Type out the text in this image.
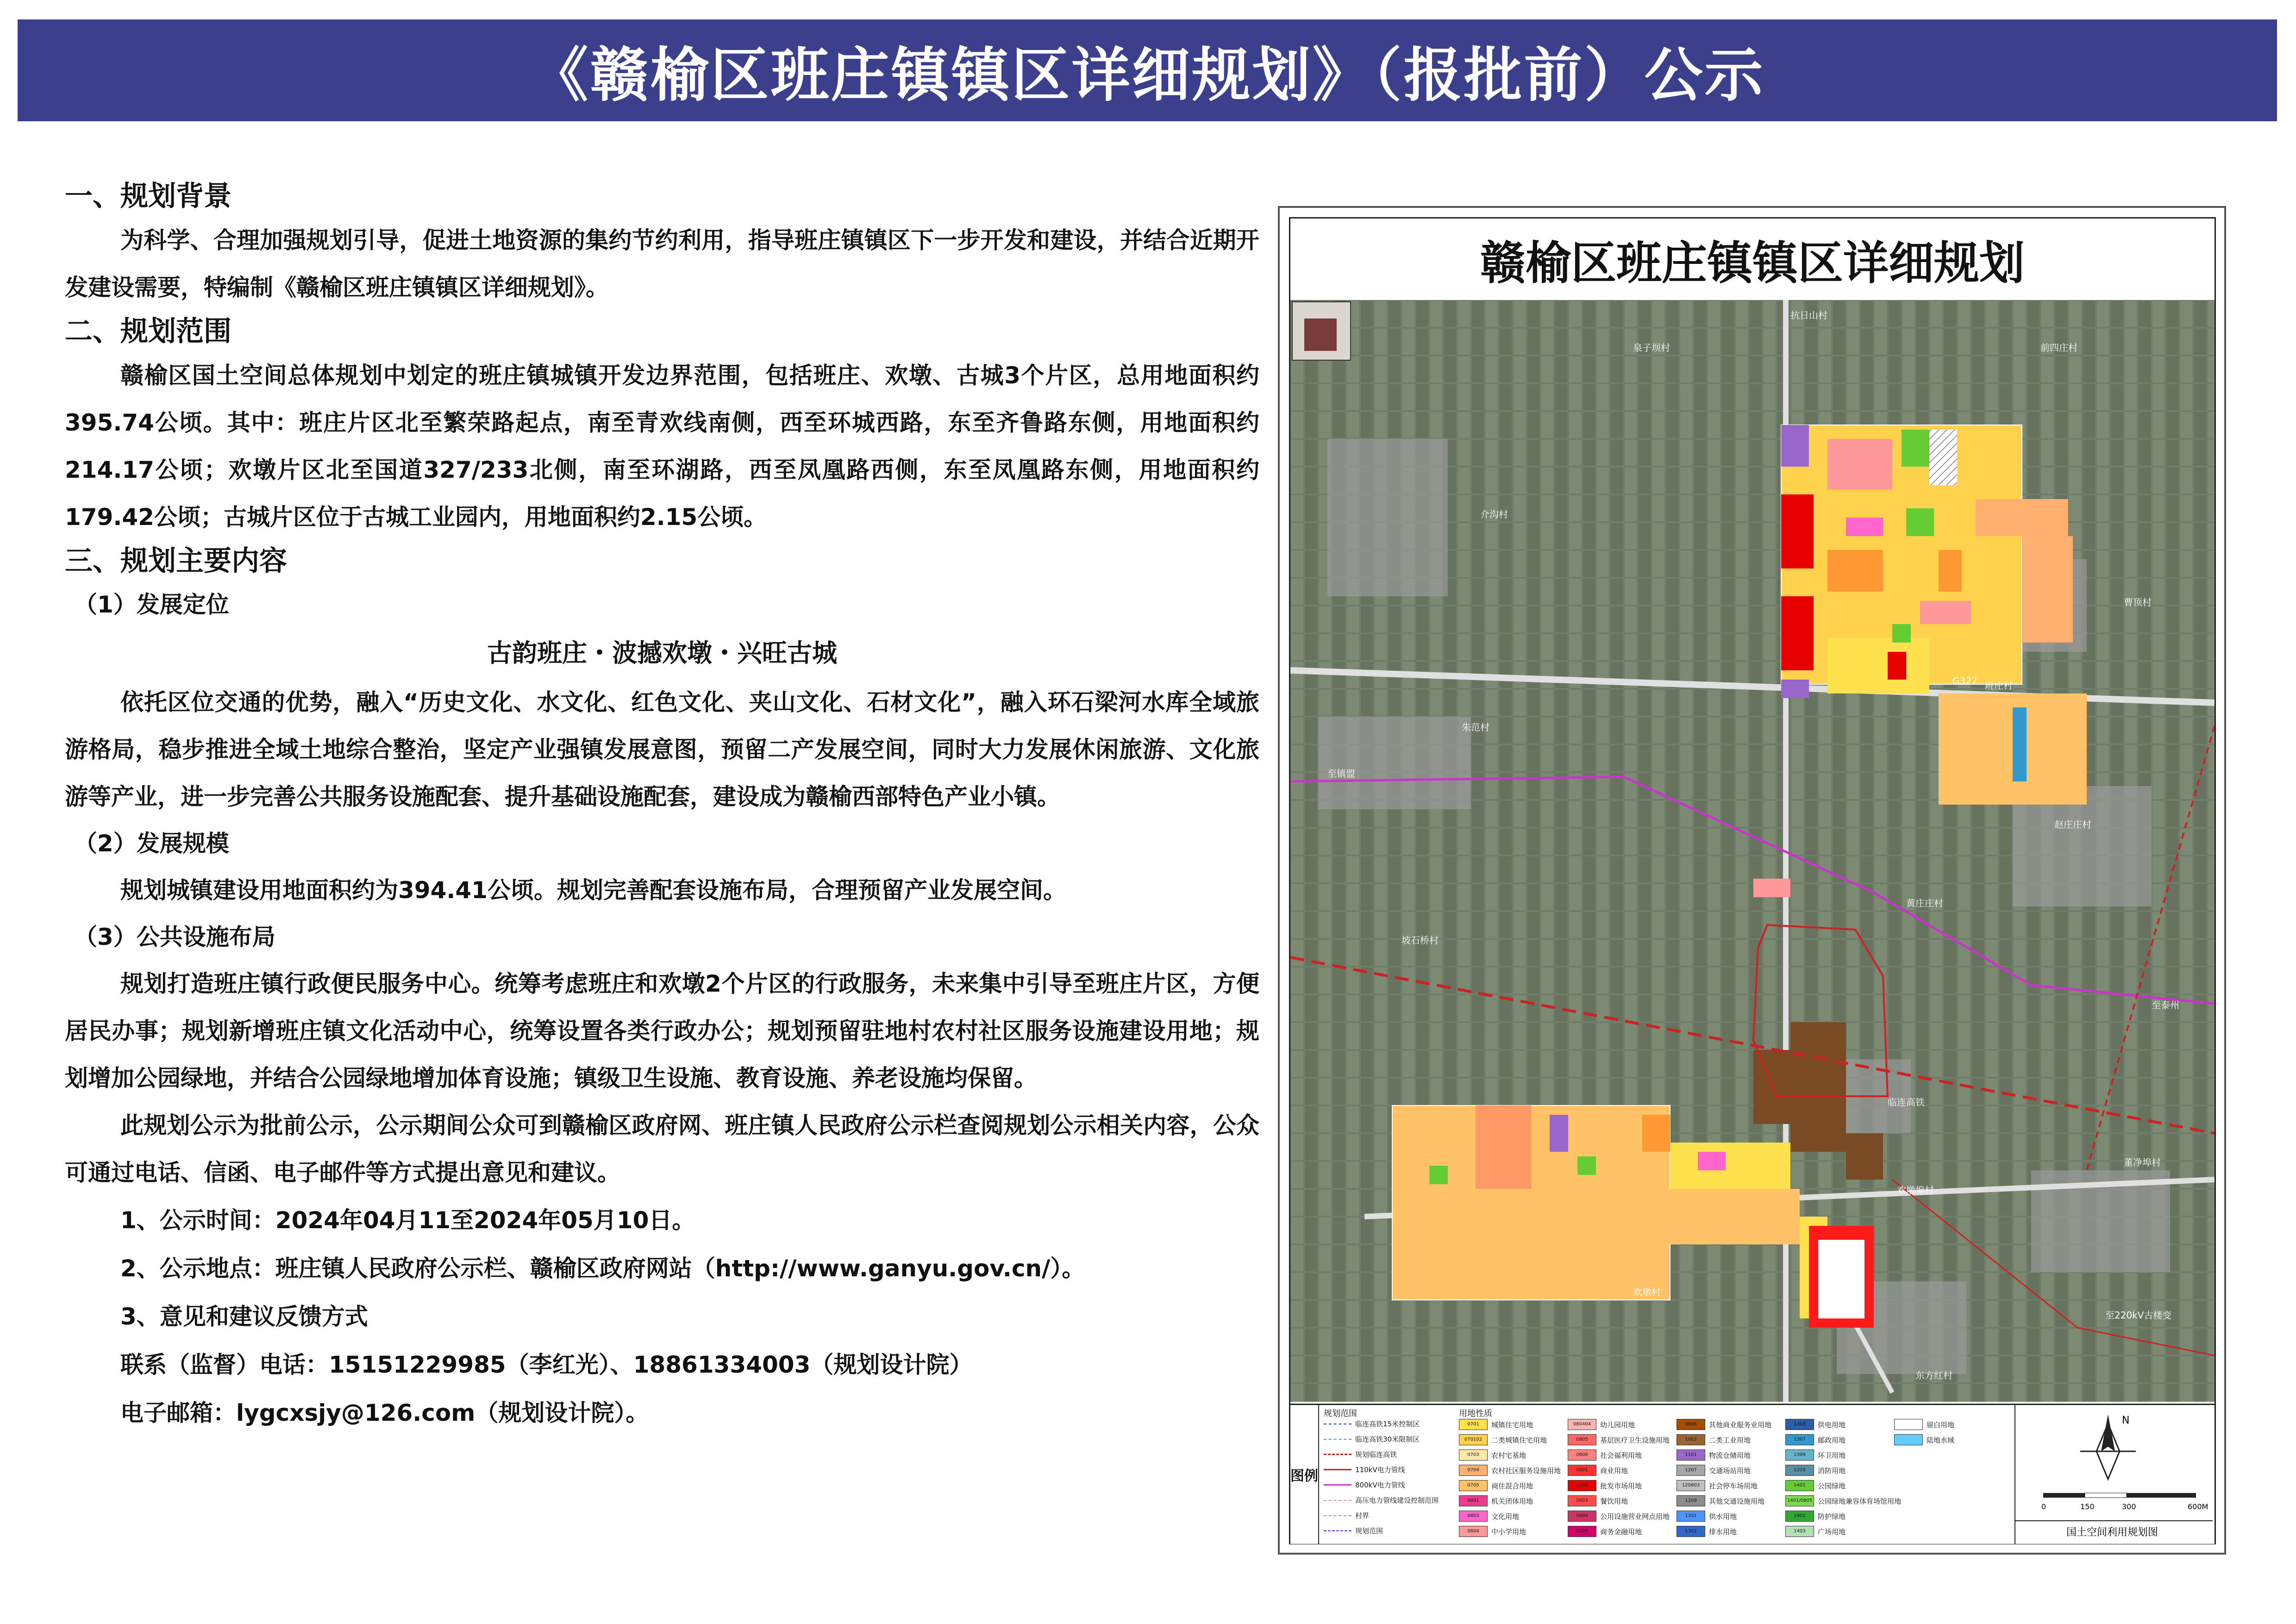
《赣榆区班庄镇镇区详细规划》（报批前）公示

一、规划背景

为科学、合理加强规划引导，促进土地资源的集约节约利用，指导班庄镇镇区下一步开发和建设，并结合近期开发建设需要，特编制《赣榆区班庄镇镇区详细规划》。

二、规划范围

赣榆区国土空间总体规划中划定的班庄镇城镇开发边界范围，包括班庄、欢墩、古城3个片区，总用地面积约395.74公顷。其中：班庄片区北至繁荣路起点，南至青欢线南侧，西至环城西路，东至齐鲁路东侧，用地面积约214.17公顷；欢墩片区北至国道327/233北侧，南至环湖路，西至凤凰路西侧，东至凤凰路东侧，用地面积约179.42公顷；古城片区位于古城工业园内，用地面积约2.15公顷。

三、规划主要内容

（1）发展定位

古韵班庄・波撼欢墩・兴旺古城

依托区位交通的优势，融入“历史文化、水文化、红色文化、夹山文化、石材文化”，融入环石梁河水库全域旅游格局，稳步推进全域土地综合整治，坚定产业强镇发展意图，预留二产发展空间，同时大力发展休闲旅游、文化旅游等产业，进一步完善公共服务设施配套、提升基础设施配套，建设成为赣榆西部特色产业小镇。

（2）发展规模

规划城镇建设用地面积约为394.41公顷。规划完善配套设施布局，合理预留产业发展空间。

（3）公共设施布局

规划打造班庄镇行政便民服务中心。统筹考虑班庄和欢墩2个片区的行政服务，未来集中引导至班庄片区，方便居民办事；规划新增班庄镇文化活动中心，统筹设置各类行政办公；规划预留驻地村农村社区服务设施建设用地；规划增加公园绿地，并结合公园绿地增加体育设施；镇级卫生设施、教育设施、养老设施均保留。

此规划公示为批前公示，公示期间公众可到赣榆区政府网、班庄镇人民政府公示栏查阅规划公示相关内容，公众可通过电话、信函、电子邮件等方式提出意见和建议。

1、公示时间：2024年04月11至2024年05月10日。

2、公示地点：班庄镇人民政府公示栏、赣榆区政府网站（http://www.ganyu.gov.cn/）。

3、意见和建议反馈方式

联系（监督）电话：15151229985（李红光）、18861334003（规划设计院）

电子邮箱：lygcxsjy@126.com（规划设计院）。

赣榆区班庄镇镇区详细规划
抗日山村
泉子坝村	前四庄村
介沟村
曹顶村
班庄村
朱范村
赵庄庄村
黄庄庄村
坡石桥村
欢墩埠村
董净埠村
东方红村
欢墩村
至镇盟
至泰州
临连高铁
至220kV古楼变
G327
图例
规划范围	用地性质
临连高铁15米控制区
临连高铁30米限制区
规划临连高铁
110kV电力管线
800kV电力管线
高压电力管线建设控制范围
村界
规划范围
0701	城镇住宅用地
070102	二类城镇住宅用地
0703	农村宅基地
0704	农村社区服务设施用地
0705	商住混合用地
0801	机关团体用地
0803	文化用地
0804	中小学用地
080404	幼儿园用地
0805	基层医疗卫生设施用地
0806	社会福利用地
0901	商业用地
0902	批发市场用地
0903	餐饮用地
0904	公用设施营业网点用地
0905	商务金融用地
0906	其他商业服务业用地
1002	二类工业用地
1101	物流仓储用地
1207	交通场站用地
120803	社会停车场用地
1209	其他交通设施用地
1301	供水用地
1302	排水用地
1303	供电用地
1307	邮政用地
1309	环卫用地
1310	消防用地
1401	公园绿地
1401/0805 公园绿地兼容体育场馆用地
1402	防护绿地
1403	广场用地
留白用地
陆地水域
N
0	150	300	600M
国土空间利用规划图
